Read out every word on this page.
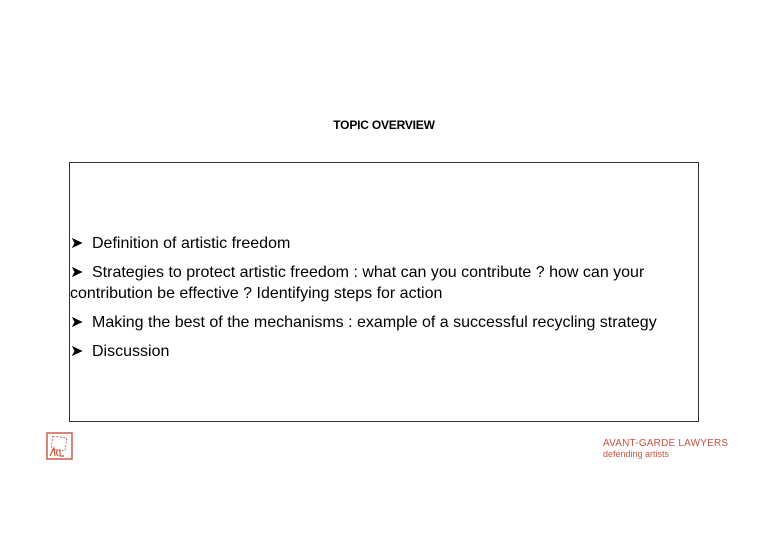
TOPIC OVERVIEW
➤ Definition of artistic freedom
➤ Strategies to protect artistic freedom : what can you contribute ? how can your contribution be effective ? Identifying steps for action
➤ Making the best of the mechanisms : example of a successful recycling strategy
➤ Discussion
AVANT-GARDE LAWYERS
defending artists
